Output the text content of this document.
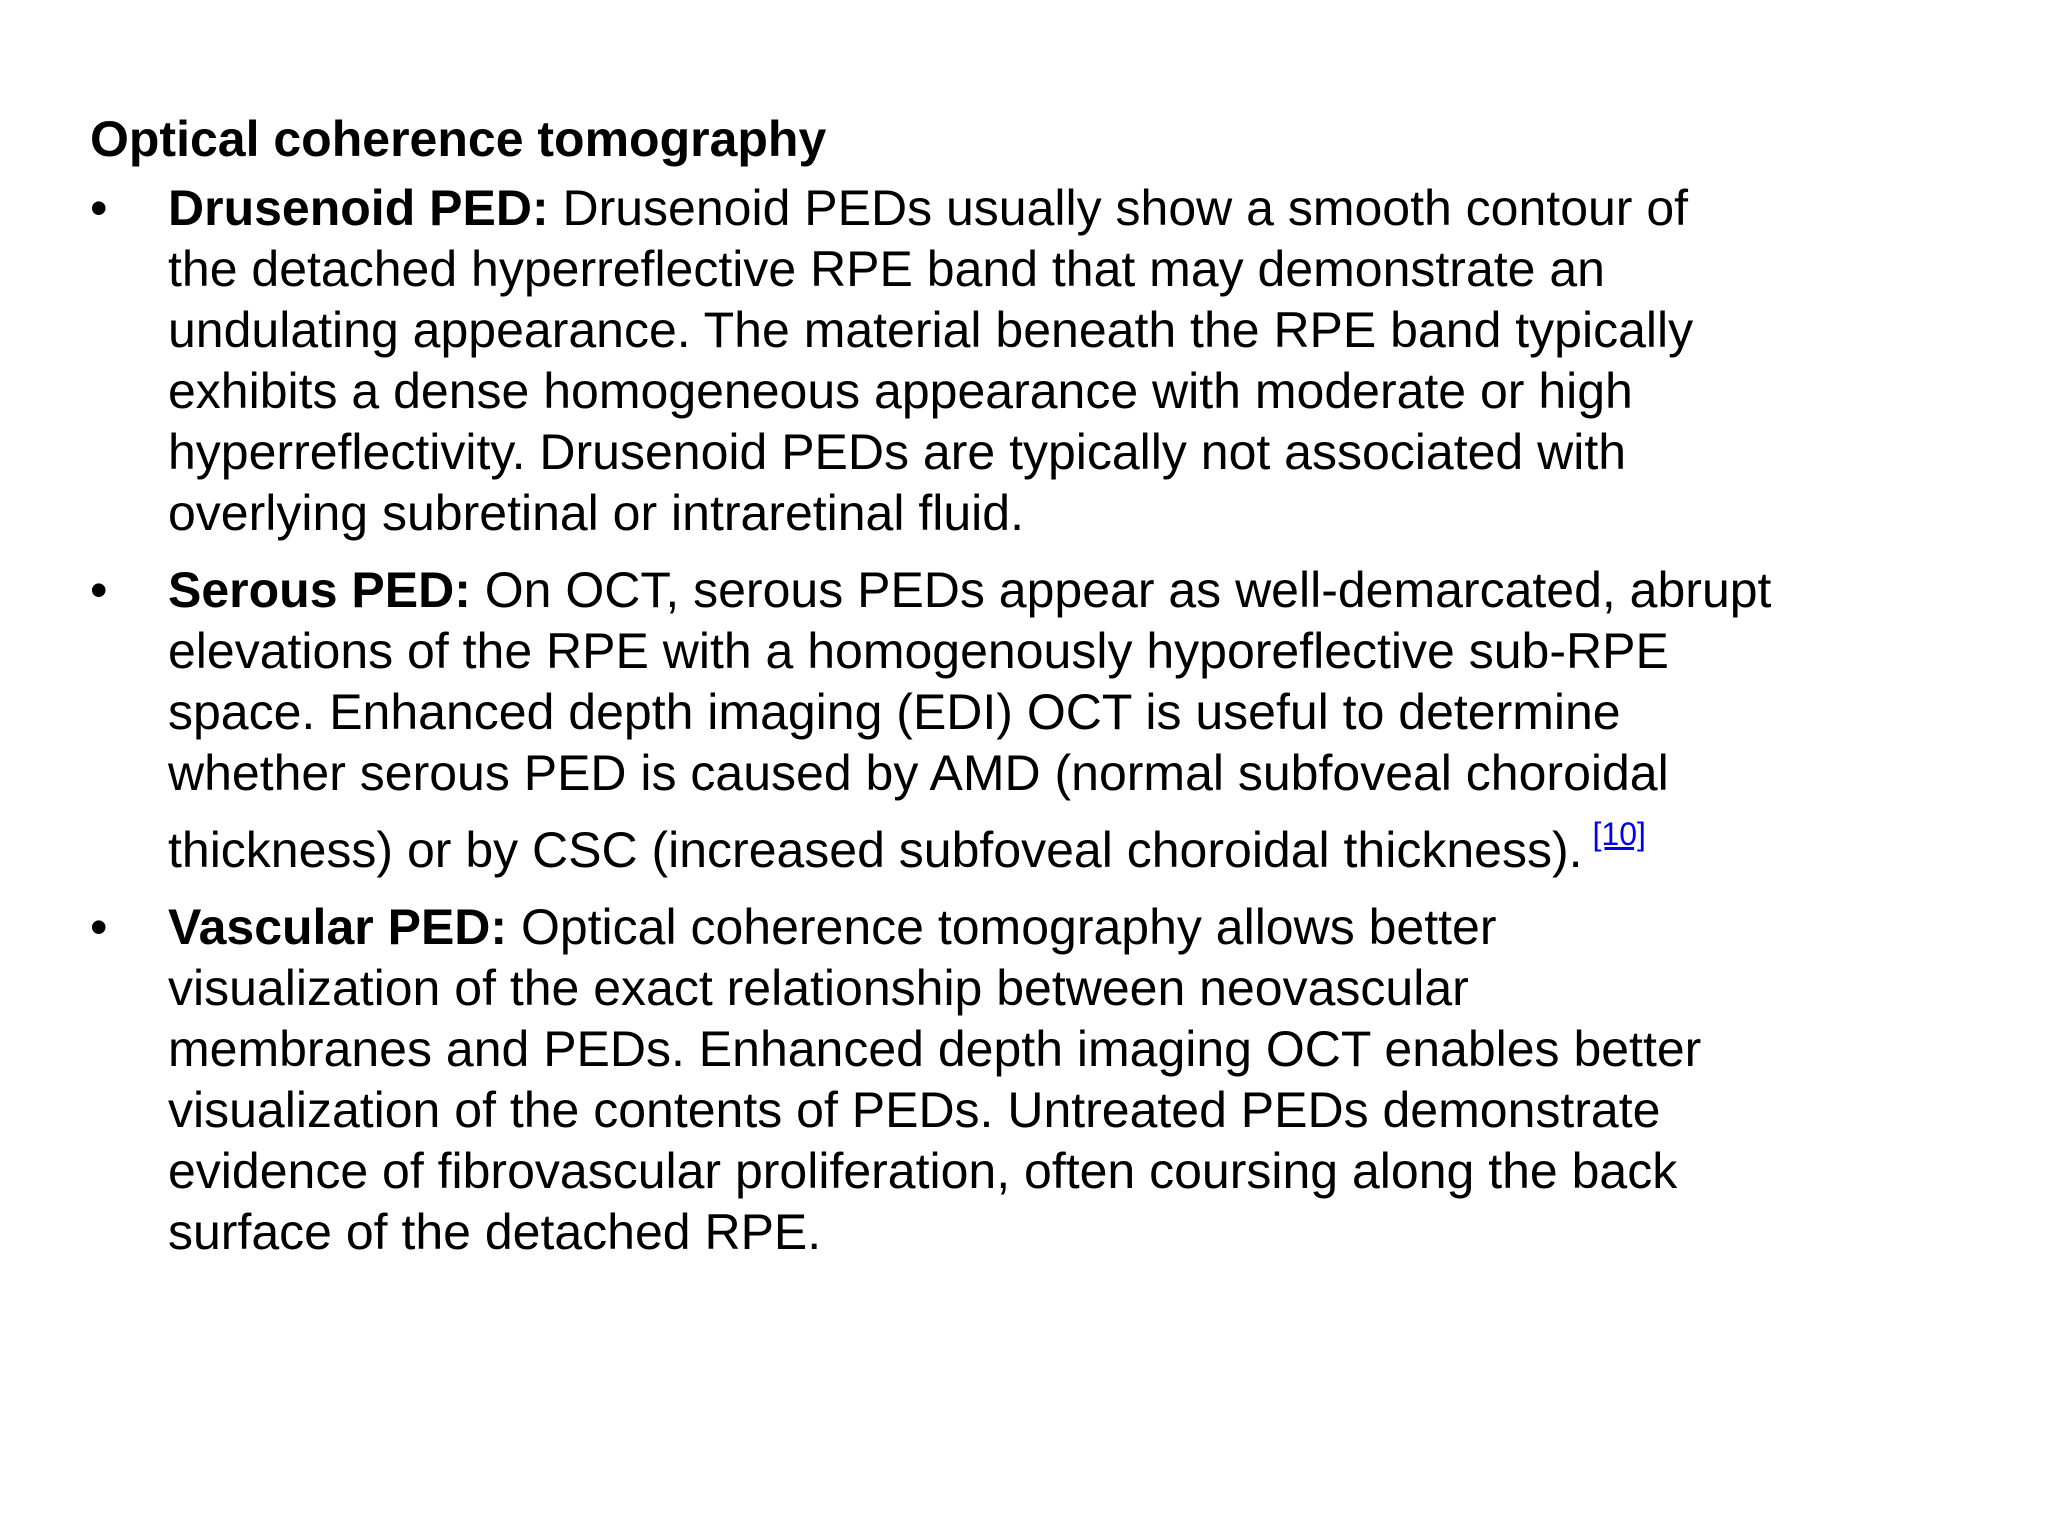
Optical coherence tomography
•	Drusenoid PED: Drusenoid PEDs usually show a smooth contour of
the detached hyperreflective RPE band that may demonstrate an
undulating appearance. The material beneath the RPE band typically
exhibits a dense homogeneous appearance with moderate or high
hyperreflectivity. Drusenoid PEDs are typically not associated with
overlying subretinal or intraretinal fluid.
•	Serous PED: On OCT, serous PEDs appear as well-demarcated, abrupt
elevations of the RPE with a homogenously hyporeflective sub-RPE
space. Enhanced depth imaging (EDI) OCT is useful to determine
whether serous PED is caused by AMD (normal subfoveal choroidal
thickness) or by CSC (increased subfoveal choroidal thickness). [10]
•	Vascular PED: Optical coherence tomography allows better
visualization of the exact relationship between neovascular
membranes and PEDs. Enhanced depth imaging OCT enables better
visualization of the contents of PEDs. Untreated PEDs demonstrate
evidence of fibrovascular proliferation, often coursing along the back
surface of the detached RPE.
